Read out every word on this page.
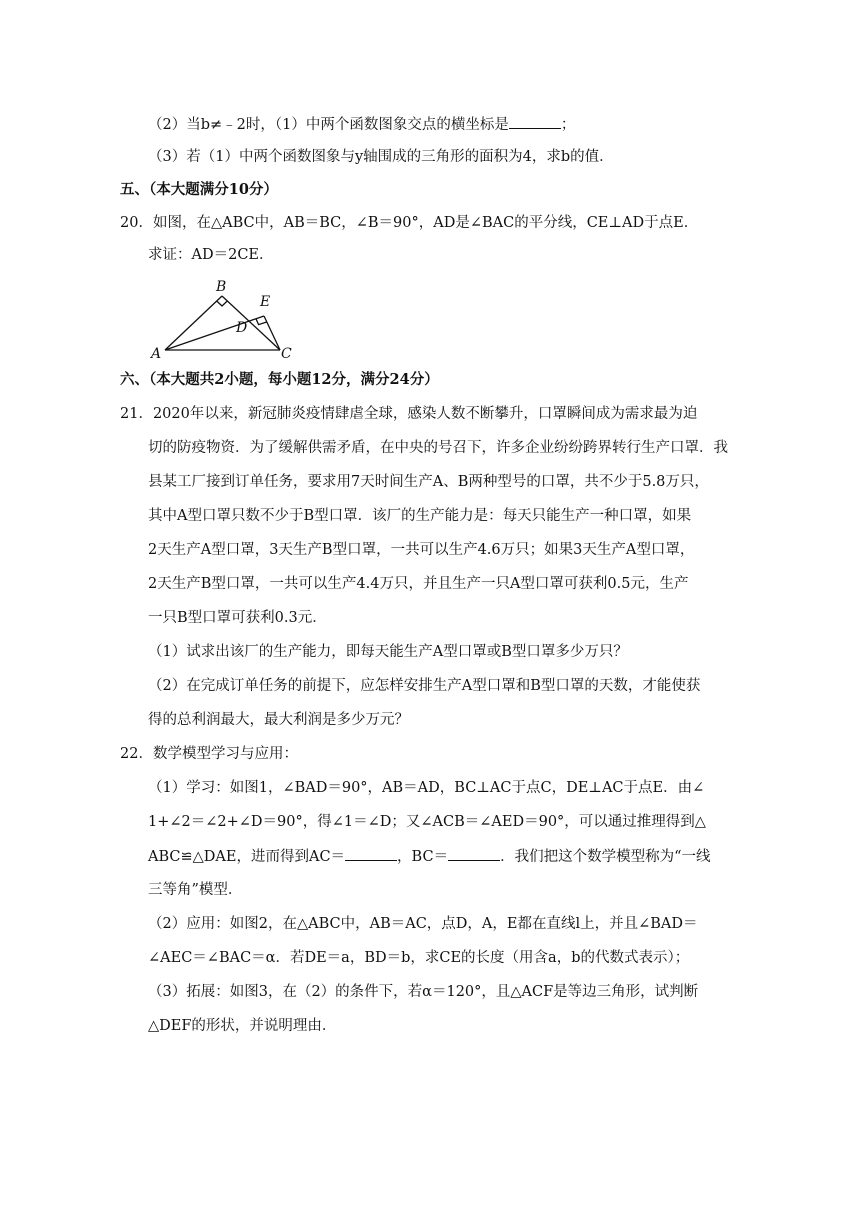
（2）当b≠﹣2时，（1）中两个函数图象交点的横坐标是	；
（3）若（1）中两个函数图象与y轴围成的三角形的面积为4，求b的值．
五、（本大题满分10分）
20．如图，在△ABC中，AB＝BC，∠B＝90°，AD是∠BAC的平分线，CE⊥AD于点E．
求证：AD＝2CE．
B
E
D
A	C
六、（本大题共2小题，每小题12分，满分24分）
21．2020年以来，新冠肺炎疫情肆虐全球，感染人数不断攀升，口罩瞬间成为需求最为迫
切的防疫物资．为了缓解供需矛盾，在中央的号召下，许多企业纷纷跨界转行生产口罩．我
县某工厂接到订单任务，要求用7天时间生产A、B两种型号的口罩，共不少于5.8万只，
其中A型口罩只数不少于B型口罩．该厂的生产能力是：每天只能生产一种口罩，如果
2天生产A型口罩，3天生产B型口罩，一共可以生产4.6万只；如果3天生产A型口罩，
2天生产B型口罩，一共可以生产4.4万只，并且生产一只A型口罩可获利0.5元，生产
一只B型口罩可获利0.3元．
（1）试求出该厂的生产能力，即每天能生产A型口罩或B型口罩多少万只？
（2）在完成订单任务的前提下，应怎样安排生产A型口罩和B型口罩的天数，才能使获
得的总利润最大，最大利润是多少万元？
22．数学模型学习与应用：
（1）学习：如图1，∠BAD＝90°，AB＝AD，BC⊥AC于点C，DE⊥AC于点E．由∠
1+∠2＝∠2+∠D＝90°，得∠1＝∠D；又∠ACB＝∠AED＝90°，可以通过推理得到△
ABC≌△DAE，进而得到AC＝	，BC＝	．我们把这个数学模型称为“一线
三等角”模型．
（2）应用：如图2，在△ABC中，AB＝AC，点D，A，E都在直线l上，并且∠BAD＝
∠AEC＝∠BAC＝α．若DE＝a，BD＝b，求CE的长度（用含a，b的代数式表示）；
（3）拓展：如图3，在（2）的条件下，若α＝120°，且△ACF是等边三角形，试判断
△DEF的形状，并说明理由．
